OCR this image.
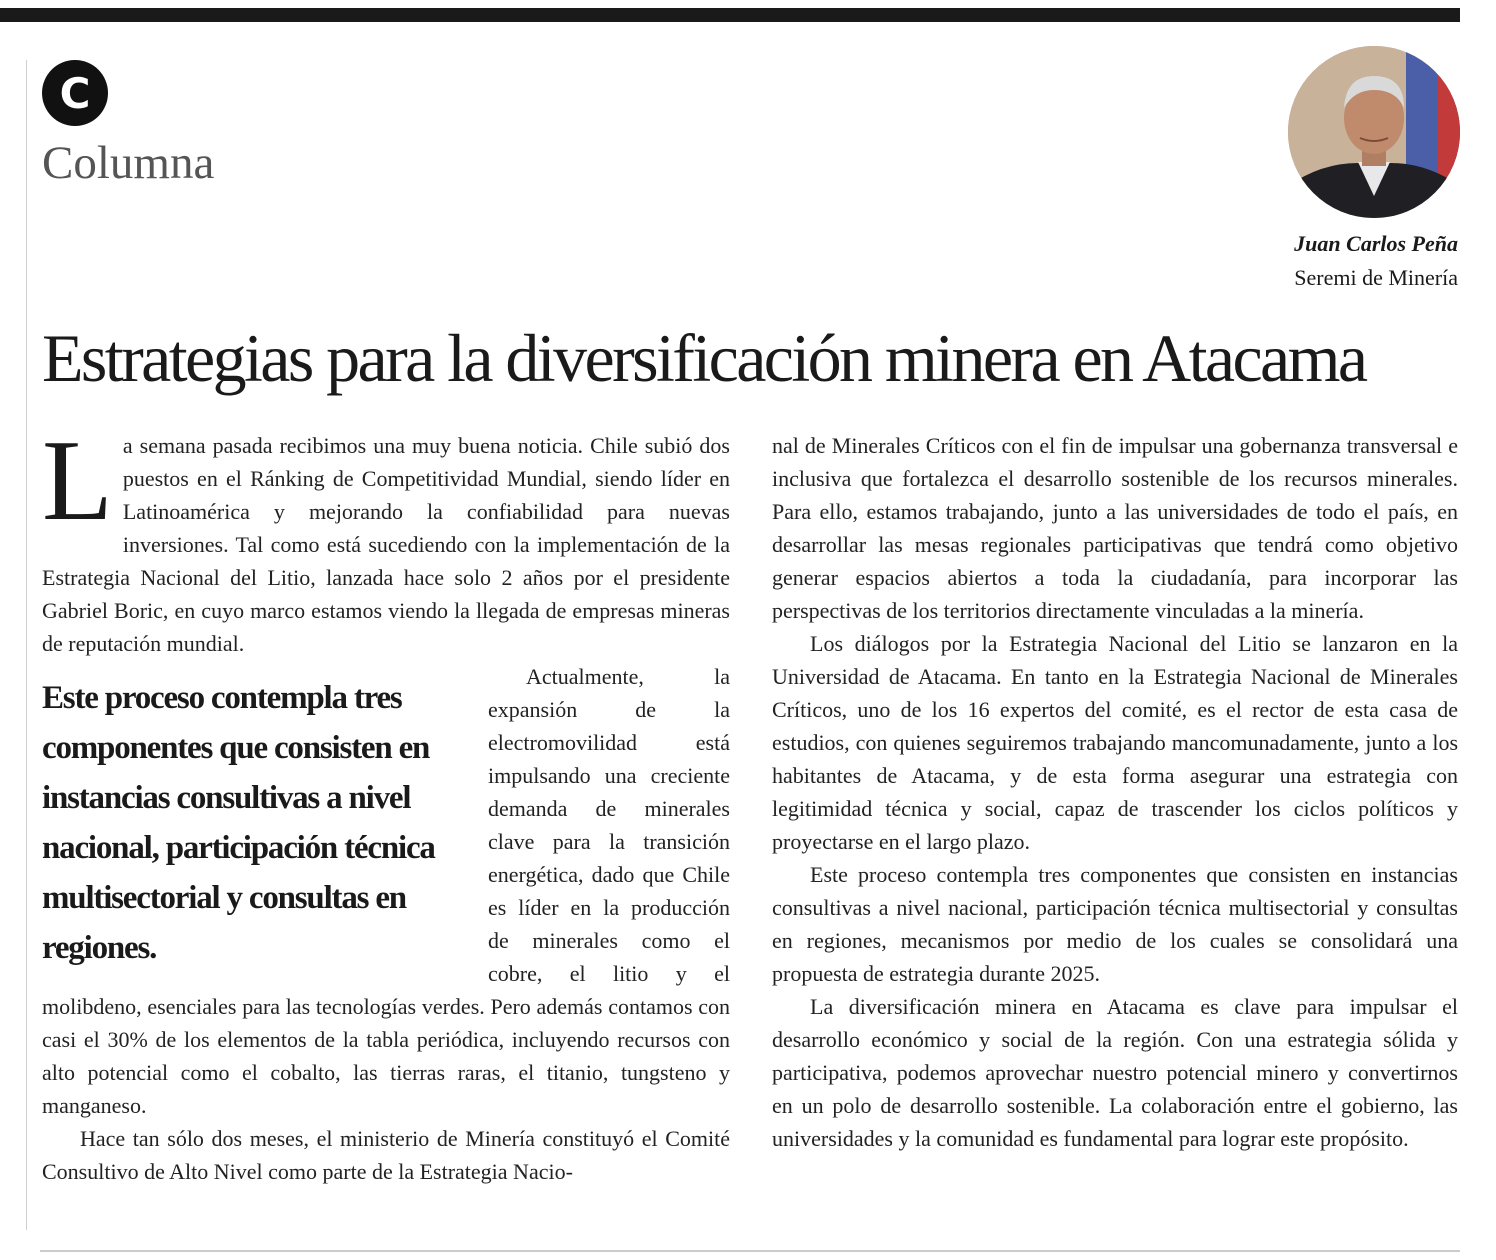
C
Columna
Juan Carlos Peña
Seremi de Minería
Estrategias para la diversificación minera en Atacama
L a semana pasada recibimos una muy buena noticia. Chile subió dos puestos en el Ránking de Competitividad Mundial, siendo líder en Latinoamérica y mejorando la confiabilidad para nuevas inversiones. Tal como está sucediendo con la implementación de la Estrategia Nacional del Litio, lanzada hace solo 2 años por el presidente Gabriel Boric, en cuyo marco estamos viendo la llegada de empresas mineras de reputación mundial.

Este proceso contempla tres componentes que consisten en instancias consultivas a nivel nacional, participación técnica multisectorial y consultas en regiones.

Actualmente, la expansión de la electromovilidad está impulsando una creciente demanda de minerales clave para la transición energética, dado que Chile es líder en la producción de minerales como el cobre, el litio y el molibdeno, esenciales para las tecnologías verdes. Pero además contamos con casi el 30% de los elementos de la tabla periódica, incluyendo recursos con alto potencial como el cobalto, las tierras raras, el titanio, tungsteno y manganeso.

Hace tan sólo dos meses, el ministerio de Minería constituyó el Comité Consultivo de Alto Nivel como parte de la Estrategia Nacio-

nal de Minerales Críticos con el fin de impulsar una gobernanza transversal e inclusiva que fortalezca el desarrollo sostenible de los recursos minerales. Para ello, estamos trabajando, junto a las universidades de todo el país, en desarrollar las mesas regionales participativas que tendrá como objetivo generar espacios abiertos a toda la ciudadanía, para incorporar las perspectivas de los territorios directamente vinculadas a la minería.

Los diálogos por la Estrategia Nacional del Litio se lanzaron en la Universidad de Atacama. En tanto en la Estrategia Nacional de Minerales Críticos, uno de los 16 expertos del comité, es el rector de esta casa de estudios, con quienes seguiremos trabajando mancomunadamente, junto a los habitantes de Atacama, y de esta forma asegurar una estrategia con legitimidad técnica y social, capaz de trascender los ciclos políticos y proyectarse en el largo plazo.

Este proceso contempla tres componentes que consisten en instancias consultivas a nivel nacional, participación técnica multisectorial y consultas en regiones, mecanismos por medio de los cuales se consolidará una propuesta de estrategia durante 2025.

La diversificación minera en Atacama es clave para impulsar el desarrollo económico y social de la región. Con una estrategia sólida y participativa, podemos aprovechar nuestro potencial minero y convertirnos en un polo de desarrollo sostenible. La colaboración entre el gobierno, las universidades y la comunidad es fundamental para lograr este propósito.
